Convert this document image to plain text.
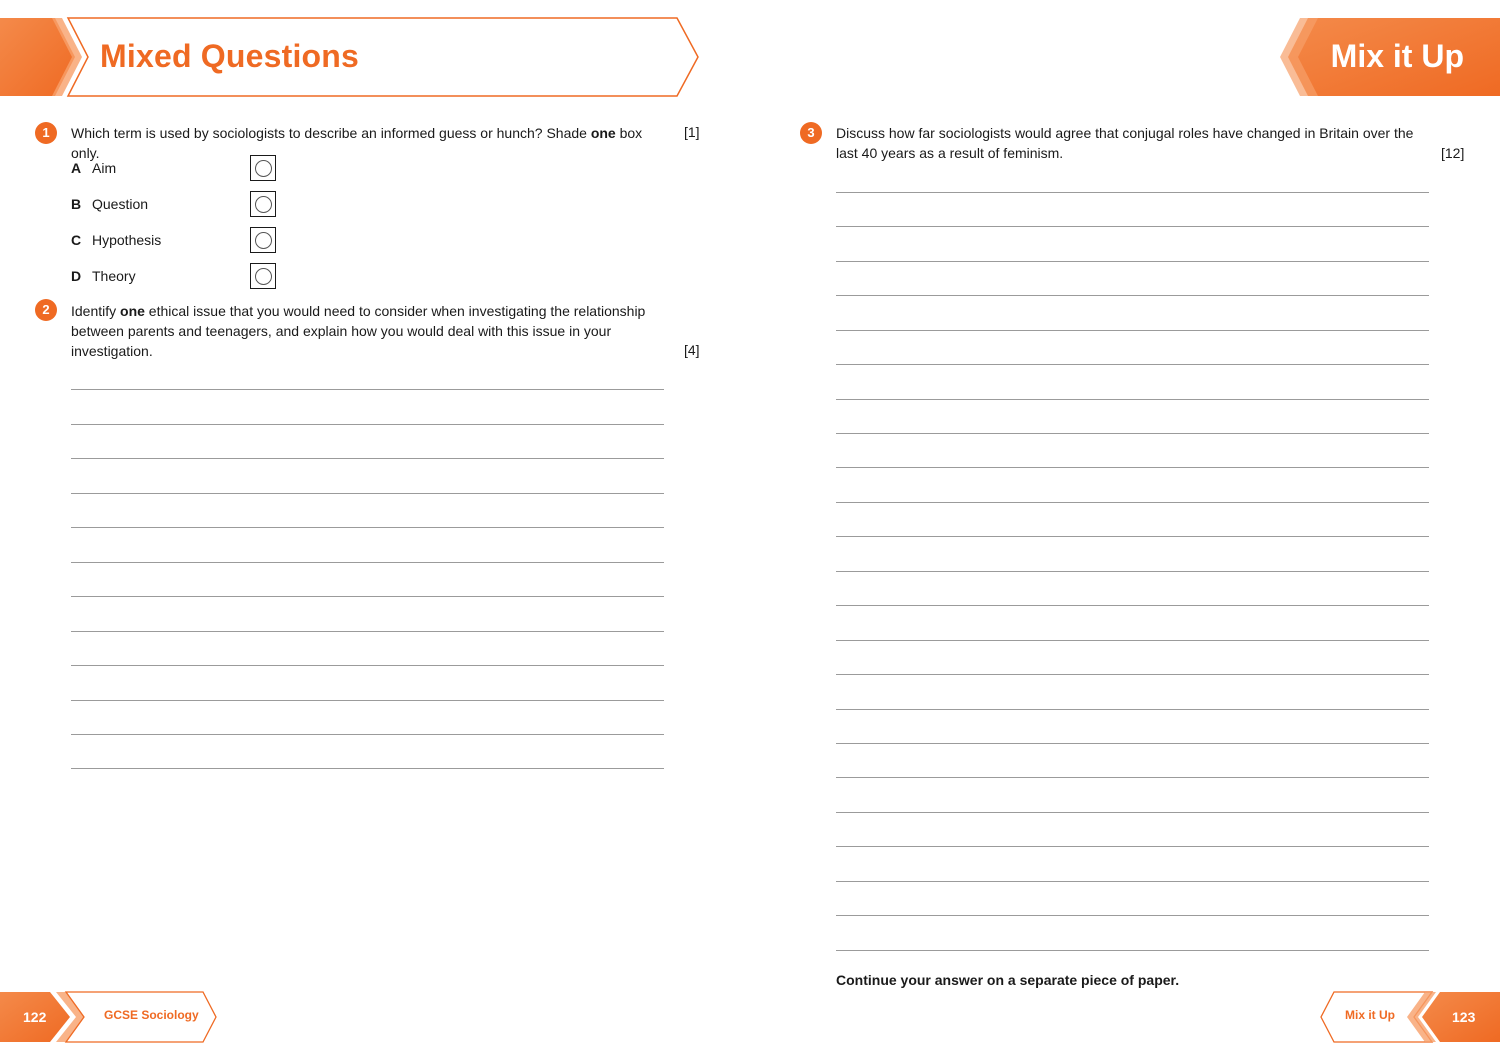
Mixed Questions	Mix it Up
1	Which term is used by sociologists to describe an informed guess or hunch? Shade one box only.
[1]
A Aim
B Question
C Hypothesis
D Theory
2	Identify one ethical issue that you would need to consider when investigating the relationship between parents and teenagers, and explain how you would deal with this issue in your investigation.	[4]
3	Discuss how far sociologists would agree that conjugal roles have changed in Britain over the last 40 years as a result of feminism.	[12]
Continue your answer on a separate piece of paper.
122	GCSE Sociology	Mix it Up	123
